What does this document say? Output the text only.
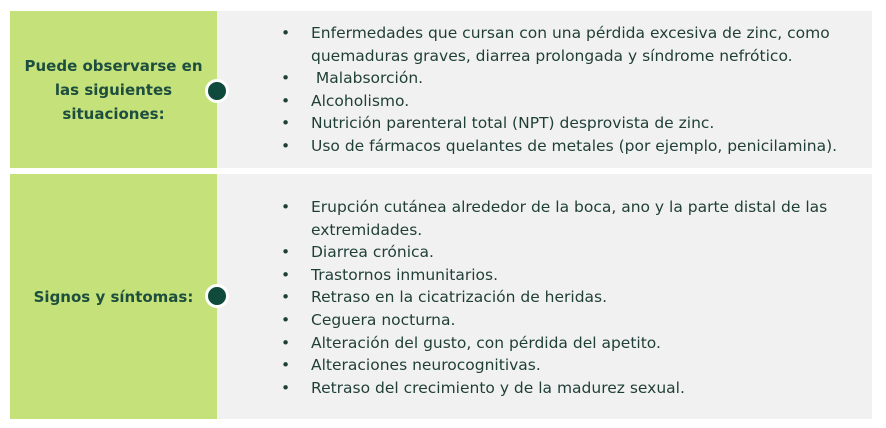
Puede observarse en las siguientes situaciones:
• Enfermedades que cursan con una pérdida excesiva de zinc, como quemaduras graves, diarrea prolongada y síndrome nefrótico.
• Malabsorción.
• Alcoholismo.
• Nutrición parenteral total (NPT) desprovista de zinc.
• Uso de fármacos quelantes de metales (por ejemplo, penicilamina).
Signos y síntomas:
• Erupción cutánea alrededor de la boca, ano y la parte distal de las extremidades.
• Diarrea crónica.
• Trastornos inmunitarios.
• Retraso en la cicatrización de heridas.
• Ceguera nocturna.
• Alteración del gusto, con pérdida del apetito.
• Alteraciones neurocognitivas.
• Retraso del crecimiento y de la madurez sexual.
